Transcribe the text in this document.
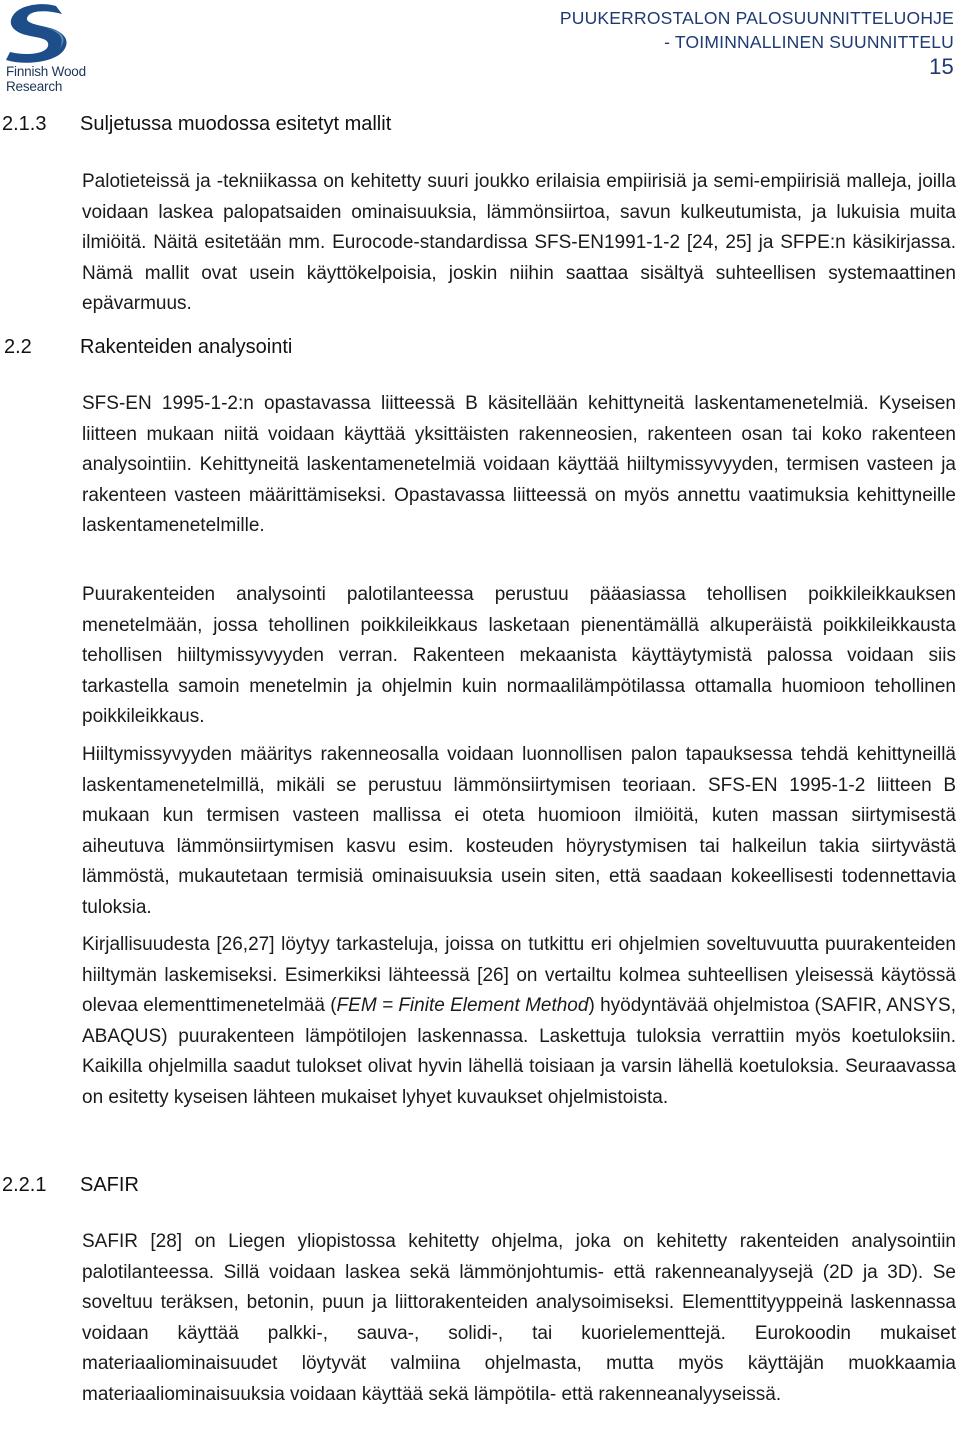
Finnish Wood
Research
PUUKERROSTALON PALOSUUNNITTELUOHJE
- TOIMINNALLINEN SUUNNITTELU
15
2.1.3 Suljetussa muodossa esitetyt mallit

Palotieteissä ja -tekniikassa on kehitetty suuri joukko erilaisia empiirisiä ja semi-empiirisiä malleja, joilla voidaan laskea palopatsaiden ominaisuuksia, lämmönsiirtoa, savun kulkeutumista, ja lukuisia muita ilmiöitä. Näitä esitetään mm. Eurocode-standardissa SFS-EN1991-1-2 [24, 25] ja SFPE:n käsikirjassa. Nämä mallit ovat usein käyttökelpoisia, joskin niihin saattaa sisältyä suhteellisen systemaattinen epävarmuus.

2.2 Rakenteiden analysointi

SFS-EN 1995-1-2:n opastavassa liitteessä B käsitellään kehittyneitä laskentamenetelmiä. Kyseisen liitteen mukaan niitä voidaan käyttää yksittäisten rakenneosien, rakenteen osan tai koko rakenteen analysointiin. Kehittyneitä laskentamenetelmiä voidaan käyttää hiiltymissyvyyden, termisen vasteen ja rakenteen vasteen määrittämiseksi. Opastavassa liitteessä on myös annettu vaatimuksia kehittyneille laskentamenetelmille.

Puurakenteiden analysointi palotilanteessa perustuu pääasiassa tehollisen poikkileikkauksen menetelmään, jossa tehollinen poikkileikkaus lasketaan pienentämällä alkuperäistä poikkileikkausta tehollisen hiiltymissyvyyden verran. Rakenteen mekaanista käyttäytymistä palossa voidaan siis tarkastella samoin menetelmin ja ohjelmin kuin normaalilämpötilassa ottamalla huomioon tehollinen poikkileikkaus.

Hiiltymissyvyyden määritys rakenneosalla voidaan luonnollisen palon tapauksessa tehdä kehittyneillä laskentamenetelmillä, mikäli se perustuu lämmönsiirtymisen teoriaan. SFS-EN 1995-1-2 liitteen B mukaan kun termisen vasteen mallissa ei oteta huomioon ilmiöitä, kuten massan siirtymisestä aiheutuva lämmönsiirtymisen kasvu esim. kosteuden höyrystymisen tai halkeilun takia siirtyvästä lämmöstä, mukautetaan termisiä ominaisuuksia usein siten, että saadaan kokeellisesti todennettavia tuloksia.

Kirjallisuudesta [26,27] löytyy tarkasteluja, joissa on tutkittu eri ohjelmien soveltuvuutta puurakenteiden hiiltymän laskemiseksi. Esimerkiksi lähteessä [26] on vertailtu kolmea suhteellisen yleisessä käytössä olevaa elementtimenetelmää (FEM = Finite Element Method) hyödyntävää ohjelmistoa (SAFIR, ANSYS, ABAQUS) puurakenteen lämpötilojen laskennassa. Laskettuja tuloksia verrattiin myös koetuloksiin. Kaikilla ohjelmilla saadut tulokset olivat hyvin lähellä toisiaan ja varsin lähellä koetuloksia. Seuraavassa on esitetty kyseisen lähteen mukaiset lyhyet kuvaukset ohjelmistoista.

2.2.1 SAFIR

SAFIR [28] on Liegen yliopistossa kehitetty ohjelma, joka on kehitetty rakenteiden analysointiin palotilanteessa. Sillä voidaan laskea sekä lämmönjohtumis- että rakenneanalyysejä (2D ja 3D). Se soveltuu teräksen, betonin, puun ja liittorakenteiden analysoimiseksi. Elementtityyppeinä laskennassa voidaan käyttää palkki-, sauva-, solidi-, tai kuorielementtejä. Eurokoodin mukaiset materiaaliominaisuudet löytyvät valmiina ohjelmasta, mutta myös käyttäjän muokkaamia materiaaliominaisuuksia voidaan käyttää sekä lämpötila- että rakenneanalyyseissä.
